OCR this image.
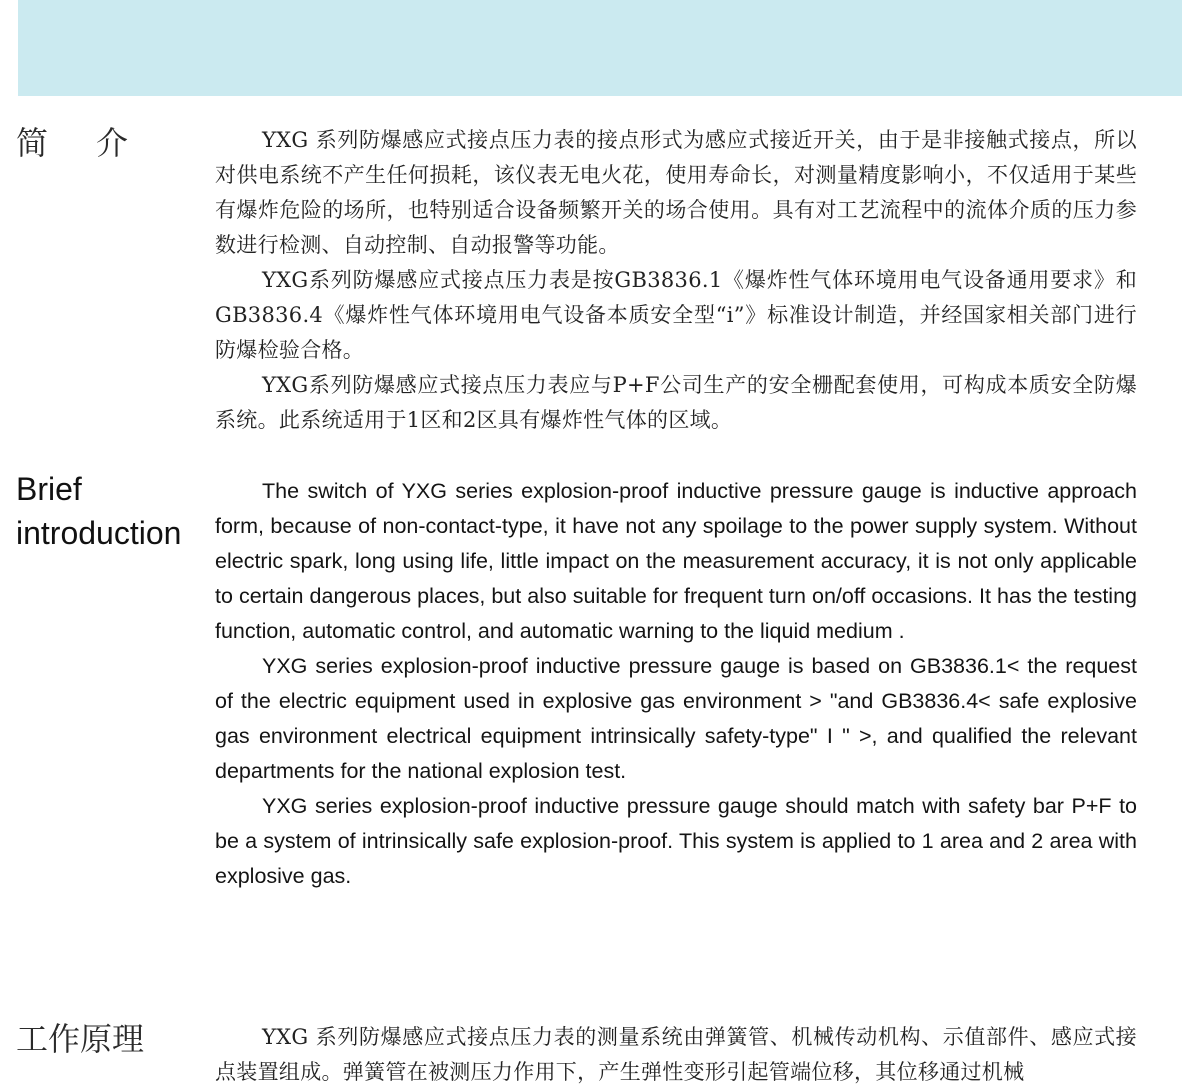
简介	YXG 系列防爆感应式接点压力表的接点形式为感应式接近开关，由于是非接触式接点，所以对供电系统不产生任何损耗，该仪表无电火花，使用寿命长，对测量精度影响小，不仅适用于某些有爆炸危险的场所，也特别适合设备频繁开关的场合使用。具有对工艺流程中的流体介质的压力参数进行检测、自动控制、自动报警等功能。

YXG系列防爆感应式接点压力表是按GB3836.1《爆炸性气体环境用电气设备通用要求》和GB3836.4《爆炸性气体环境用电气设备本质安全型“i”》标准设计制造，并经国家相关部门进行防爆检验合格。

YXG系列防爆感应式接点压力表应与P+F公司生产的安全栅配套使用，可构成本质安全防爆系统。此系统适用于1区和2区具有爆炸性气体的区域。

Brief
introduction

The switch of YXG series explosion-proof inductive pressure gauge is inductive approach form, because of non-contact-type, it have not any spoilage to the power supply system. Without electric spark, long using life, little impact on the measurement accuracy, it is not only applicable to certain dangerous places, but also suitable for frequent turn on/off occasions. It has the testing function, automatic control, and automatic warning to the liquid medium .

YXG series explosion-proof inductive pressure gauge is based on GB3836.1< the request of the electric equipment used in explosive gas environment > "and GB3836.4< safe explosive gas environment electrical equipment intrinsically safety-type" I " >, and qualified the relevant departments for the national explosion test.

YXG series explosion-proof inductive pressure gauge should match with safety bar P+F to be a system of intrinsically safe explosion-proof. This system is applied to 1 area and 2 area with explosive gas.

工作原理	YXG 系列防爆感应式接点压力表的测量系统由弹簧管、机械传动机构、示值部件、感应式接点装置组成。弹簧管在被测压力作用下，产生弹性变形引起管端位移，其位移通过机械
